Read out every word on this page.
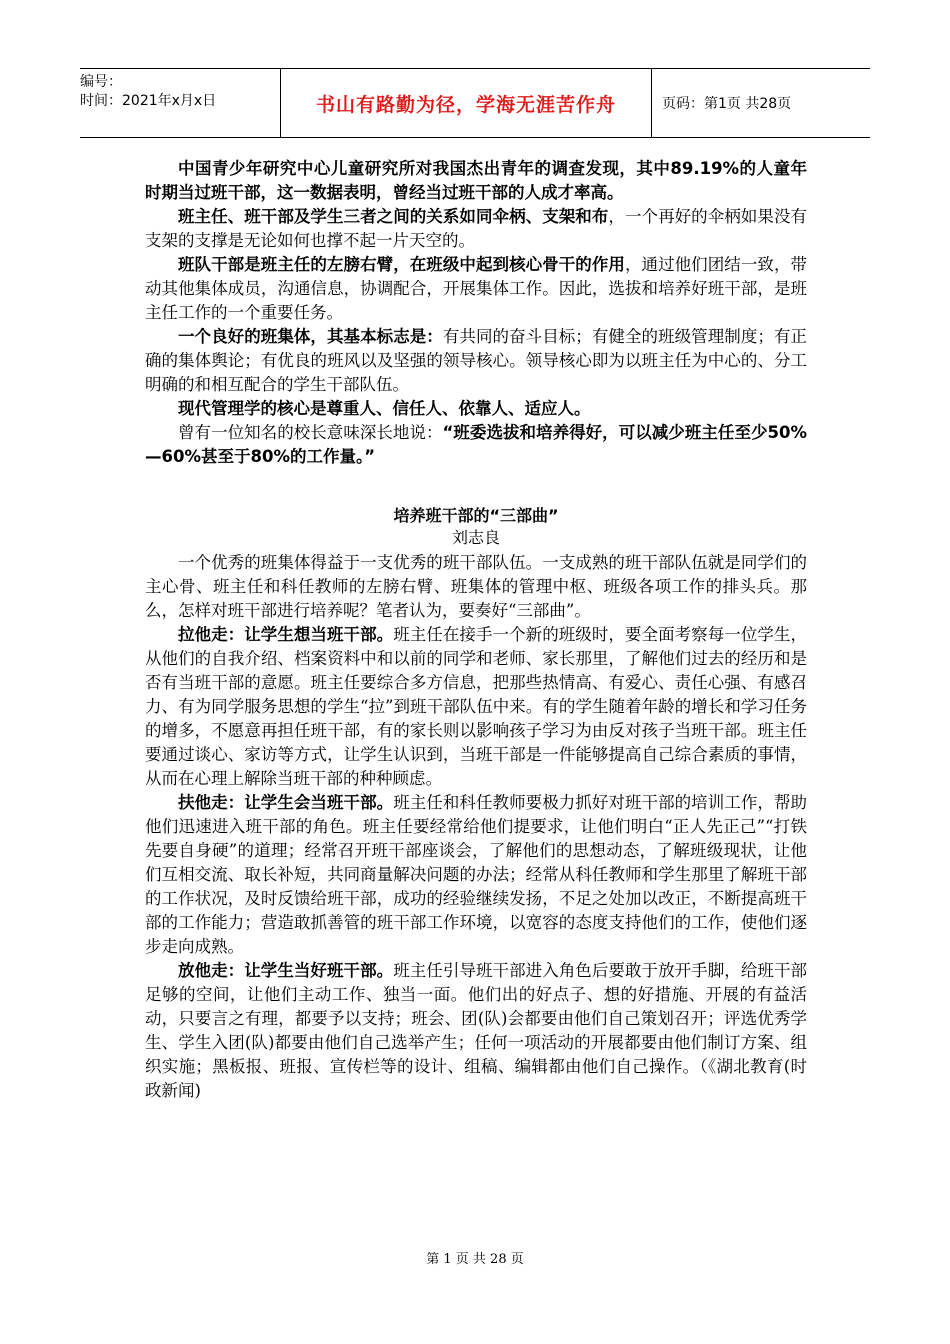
编号：
时间：2021年x月x日	书山有路勤为径，学海无涯苦作舟	页码：第1页 共28页

中国青少年研究中心儿童研究所对我国杰出青年的调查发现，其中89.19%的人童年时期当过班干部，这一数据表明，曾经当过班干部的人成才率高。

班主任、班干部及学生三者之间的关系如同伞柄、支架和布，一个再好的伞柄如果没有支架的支撑是无论如何也撑不起一片天空的。

班队干部是班主任的左膀右臂，在班级中起到核心骨干的作用，通过他们团结一致，带动其他集体成员，沟通信息，协调配合，开展集体工作。因此，选拔和培养好班干部，是班主任工作的一个重要任务。

一个良好的班集体，其基本标志是：有共同的奋斗目标；有健全的班级管理制度；有正确的集体舆论；有优良的班风以及坚强的领导核心。领导核心即为以班主任为中心的、分工明确的和相互配合的学生干部队伍。

现代管理学的核心是尊重人、信任人、依靠人、适应人。

曾有一位知名的校长意味深长地说：“班委选拔和培养得好，可以减少班主任至少50%—60%甚至于80%的工作量。”

培养班干部的“三部曲”

刘志良

一个优秀的班集体得益于一支优秀的班干部队伍。一支成熟的班干部队伍就是同学们的主心骨、班主任和科任教师的左膀右臂、班集体的管理中枢、班级各项工作的排头兵。那么，怎样对班干部进行培养呢？笔者认为，要奏好“三部曲”。

拉他走：让学生想当班干部。班主任在接手一个新的班级时，要全面考察每一位学生，从他们的自我介绍、档案资料中和以前的同学和老师、家长那里，了解他们过去的经历和是否有当班干部的意愿。班主任要综合多方信息，把那些热情高、有爱心、责任心强、有感召力、有为同学服务思想的学生“拉”到班干部队伍中来。有的学生随着年龄的增长和学习任务的增多，不愿意再担任班干部，有的家长则以影响孩子学习为由反对孩子当班干部。班主任要通过谈心、家访等方式，让学生认识到，当班干部是一件能够提高自己综合素质的事情，从而在心理上解除当班干部的种种顾虑。

扶他走：让学生会当班干部。班主任和科任教师要极力抓好对班干部的培训工作，帮助他们迅速进入班干部的角色。班主任要经常给他们提要求，让他们明白“正人先正己”“打铁先要自身硬”的道理；经常召开班干部座谈会，了解他们的思想动态，了解班级现状，让他们互相交流、取长补短，共同商量解决问题的办法；经常从科任教师和学生那里了解班干部的工作状况，及时反馈给班干部，成功的经验继续发扬，不足之处加以改正，不断提高班干部的工作能力；营造敢抓善管的班干部工作环境，以宽容的态度支持他们的工作，使他们逐步走向成熟。

放他走：让学生当好班干部。班主任引导班干部进入角色后要敢于放开手脚，给班干部足够的空间，让他们主动工作、独当一面。他们出的好点子、想的好措施、开展的有益活动，只要言之有理，都要予以支持；班会、团(队)会都要由他们自己策划召开；评选优秀学生、学生入团(队)都要由他们自己选举产生；任何一项活动的开展都要由他们制订方案、组织实施；黑板报、班报、宣传栏等的设计、组稿、编辑都由他们自己操作。（《湖北教育(时政新闻)

第 1 页 共 28 页
